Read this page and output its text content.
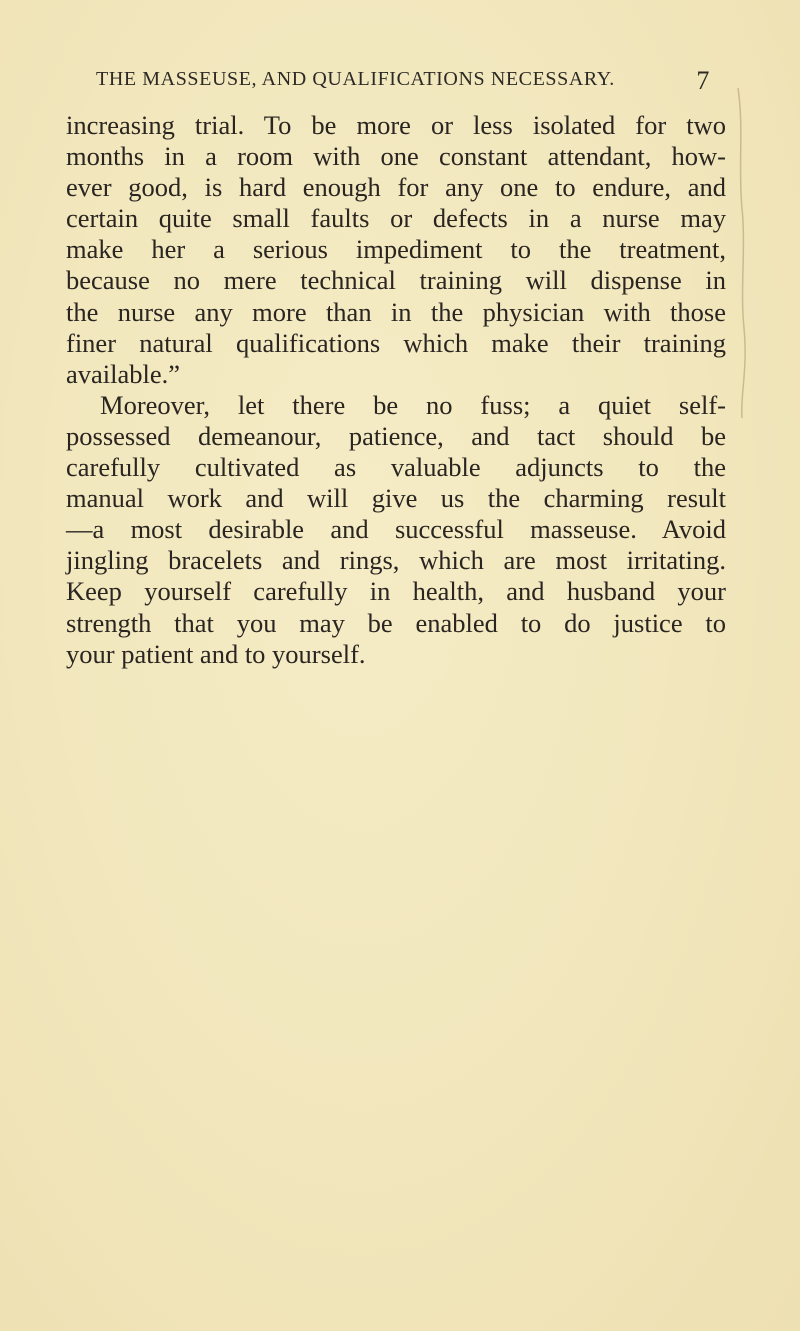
THE MASSEUSE, AND QUALIFICATIONS NECESSARY.	7
increasing trial. To be more or less isolated for two
months in a room with one constant attendant, how-
ever good, is hard enough for any one to endure, and
certain quite small faults or defects in a nurse may
make her a serious impediment to the treatment,
because no mere technical training will dispense in
the nurse any more than in the physician with those
finer natural qualifications which make their training
available.”
Moreover, let there be no fuss; a quiet self-
possessed demeanour, patience, and tact should be
carefully cultivated as valuable adjuncts to the
manual work and will give us the charming result
—a most desirable and successful masseuse. Avoid
jingling bracelets and rings, which are most irritating.
Keep yourself carefully in health, and husband your
strength that you may be enabled to do justice to
your patient and to yourself.
